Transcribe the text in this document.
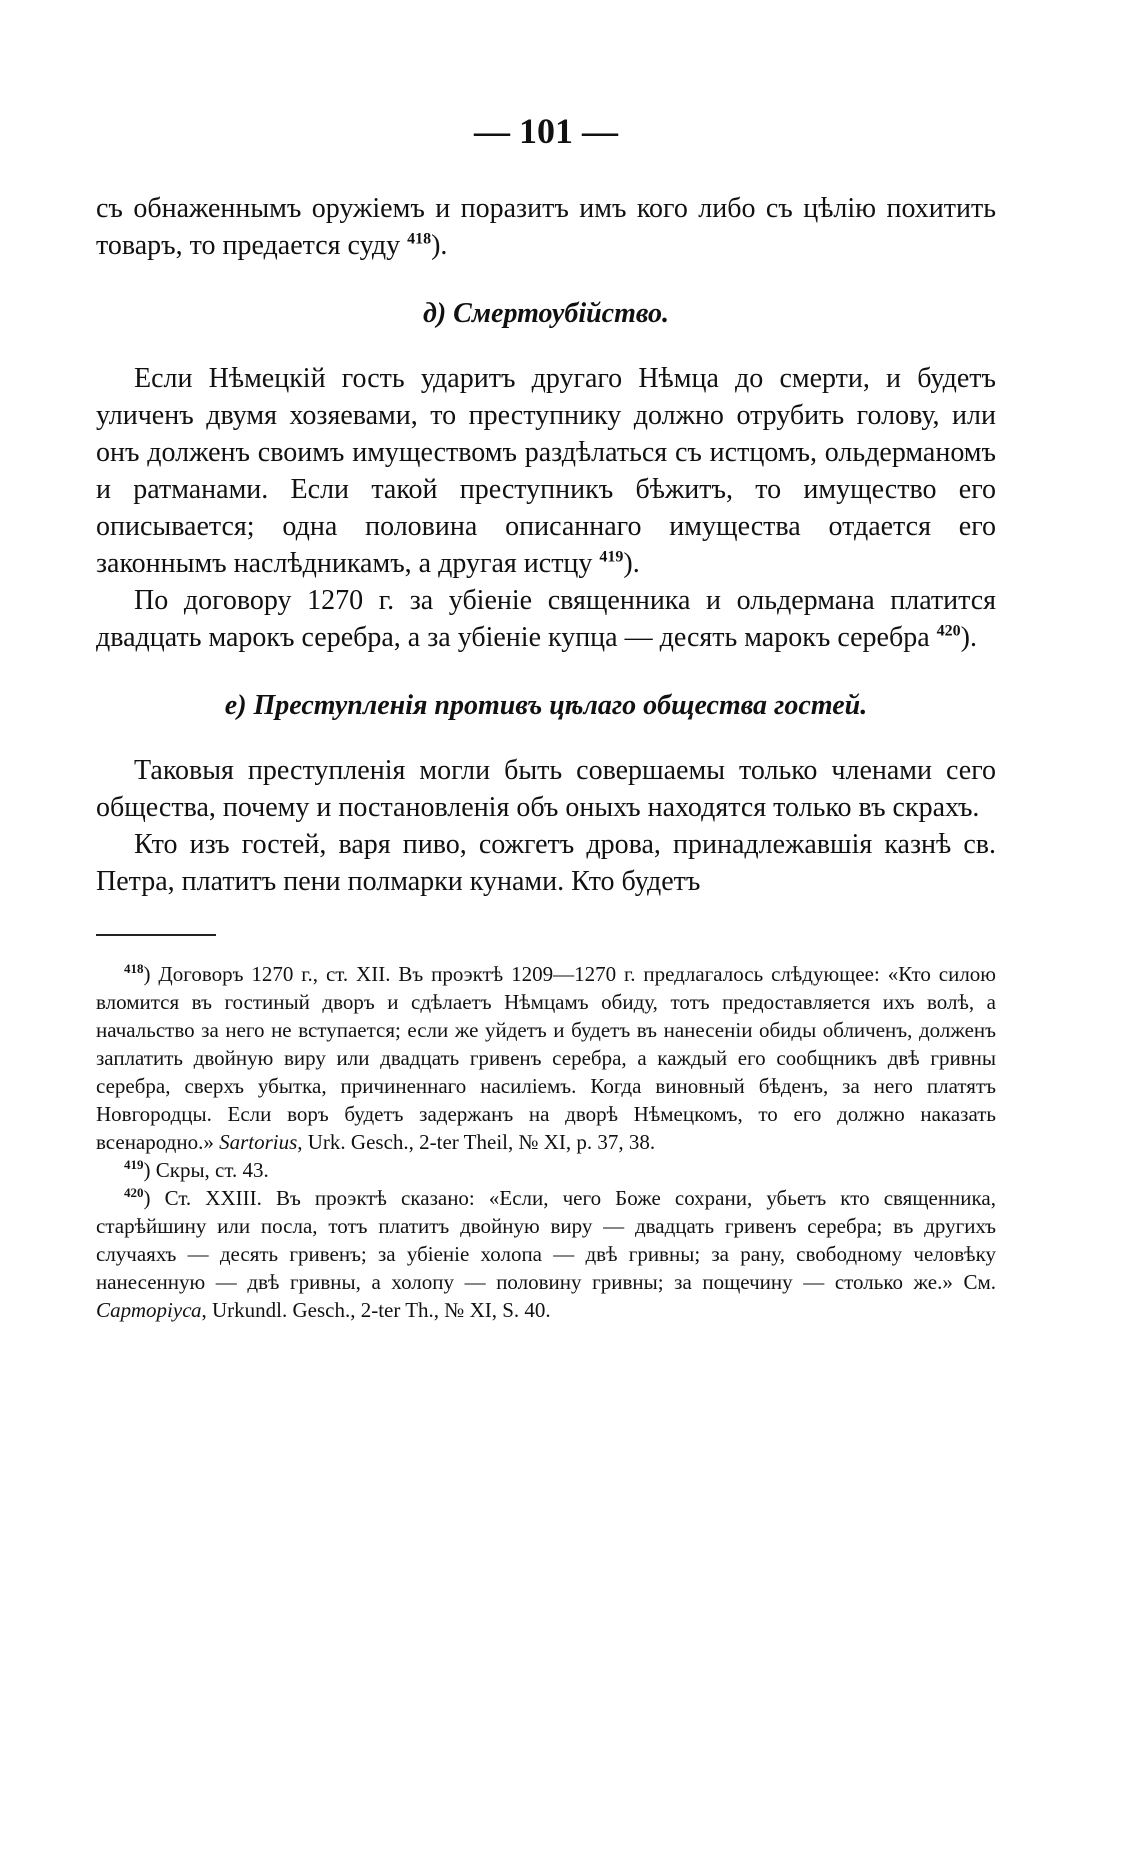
— 101 —

съ обнаженнымъ оружіемъ и поразитъ имъ кого либо съ цѣлію похитить товаръ, то предается суду $^{418}$).

д) Смертоубійство.

Если Нѣмецкій гость ударитъ другаго Нѣмца до смерти, и будетъ уличенъ двумя хозяевами, то преступнику должно отрубить голову, или онъ долженъ своимъ имуществомъ раздѣлаться съ истцомъ, ольдерманомъ и ратманами. Если такой преступникъ бѣжитъ, то имущество его описывается; одна половина описаннаго имущества отдается его законнымъ наслѣдникамъ, а другая истцу $^{419}$).

По договору 1270 г. за убіеніе священника и ольдермана платится двадцать марокъ серебра, а за убіеніе купца — десять марокъ серебра $^{420}$).

е) Преступленія противъ цѣлаго общества гостей.

Таковыя преступленія могли быть совершаемы только членами сего общества, почему и постановленія объ оныхъ находятся только въ скрахъ.

Кто изъ гостей, варя пиво, сожгетъ дрова, принадлежавшія казнѣ св. Петра, платитъ пени полмарки кунами. Кто будетъ

$^{418}$) Договоръ 1270 г., ст. XII. Въ проэктѣ 1209—1270 г. предлагалось слѣдующее: «Кто силою вломится въ гостиный дворъ и сдѣлаетъ Нѣмцамъ обиду, тотъ предоставляется ихъ волѣ, а начальство за него не вступается; если же уйдетъ и будетъ въ нанесеніи обиды обличенъ, долженъ заплатить двойную виру или двадцать гривенъ серебра, а каждый его сообщникъ двѣ гривны серебра, сверхъ убытка, причиненнаго насиліемъ. Когда виновный бѣденъ, за него платятъ Новгородцы. Если воръ будетъ задержанъ на дворѣ Нѣмецкомъ, то его должно наказать всенародно.» Sartorius, Urk. Gesch., 2-ter Theil, № XI, p. 37, 38.

$^{419}$) Скры, ст. 43.

$^{420}$) Ст. XXIII. Въ проэктѣ сказано: «Если, чего Боже сохрани, убьетъ кто священника, старѣйшину или посла, тотъ платитъ двойную виру — двадцать гривенъ серебра; въ другихъ случаяхъ — десять гривенъ; за убіеніе холопа — двѣ гривны; за рану, свободному человѣку нанесенную — двѣ гривны, а холопу — половину гривны; за пощечину — столько же.» См. Сарторіуса, Urkundl. Gesch., 2-ter Th., № XI, S. 40.
